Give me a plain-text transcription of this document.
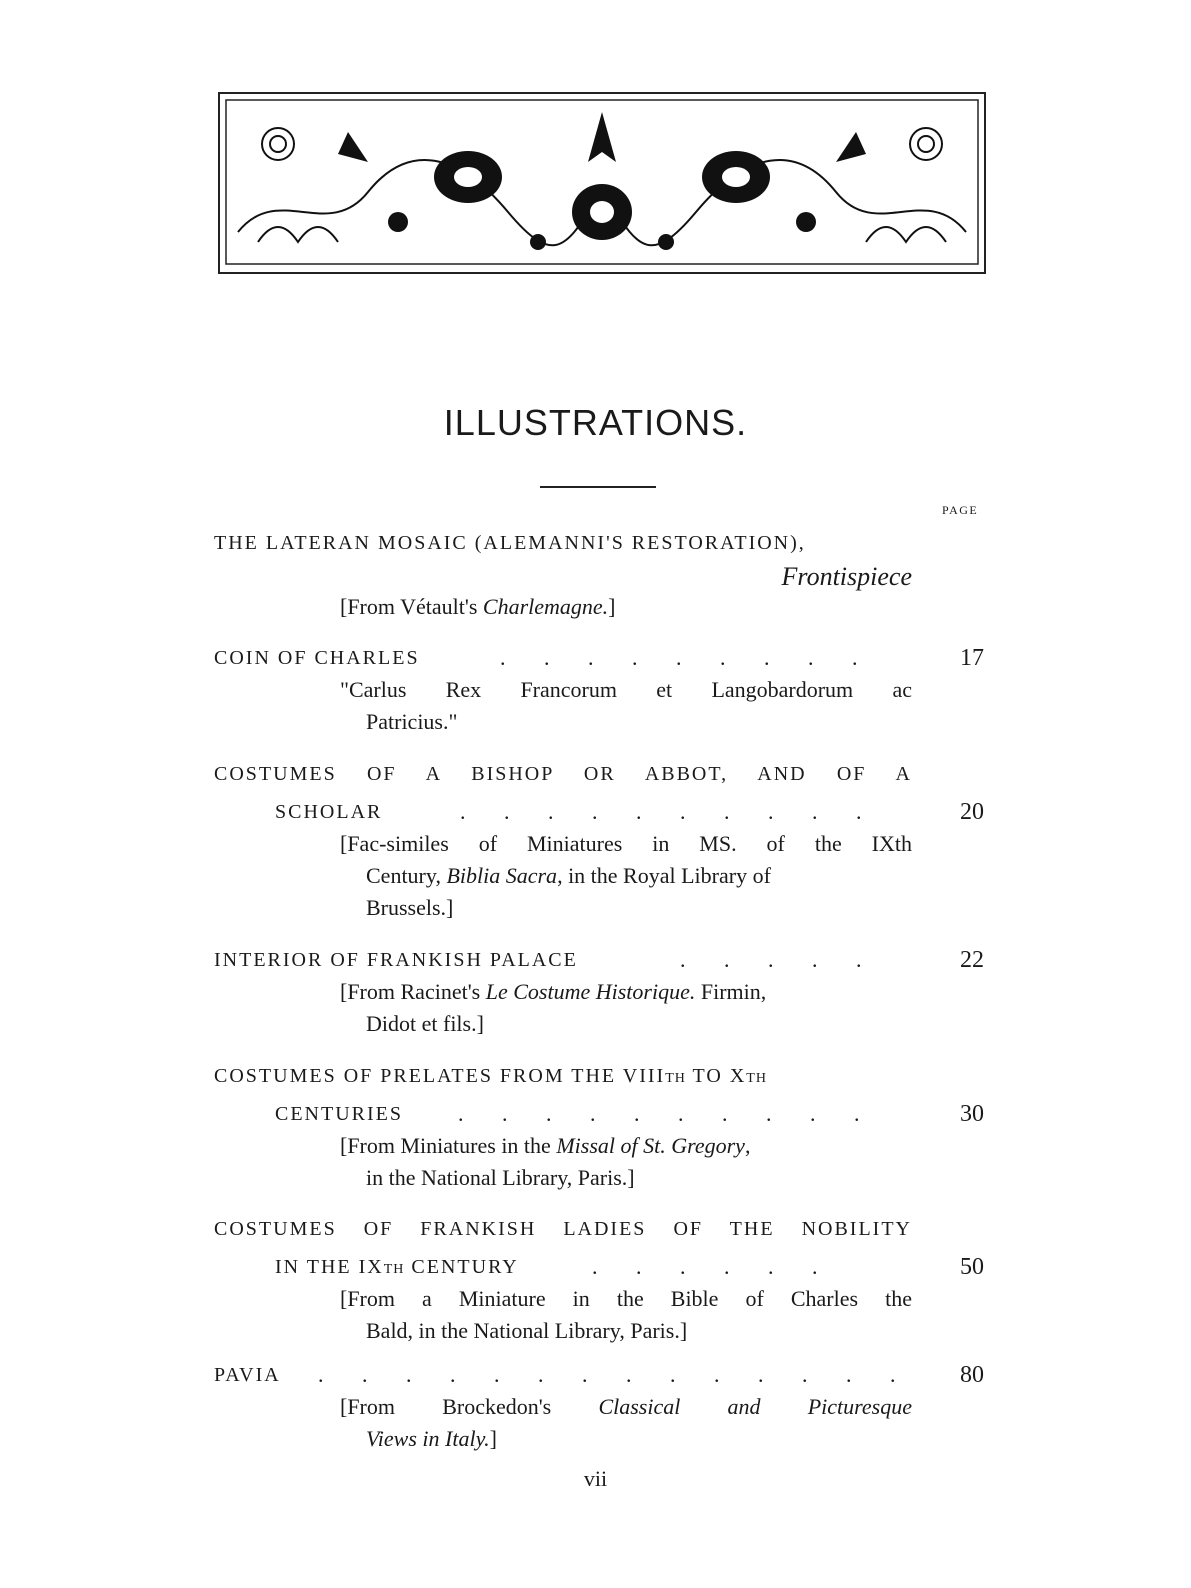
ILLUSTRATIONS.
PAGE
THE LATERAN MOSAIC (ALEMANNI'S RESTORATION),
Frontispiece
[From Vétault's Charlemagne.]
COIN OF CHARLES	.       .       .       .       .       .       .       .       .	17
"Carlus Rex Francorum et Langobardorum ac
Patricius."
COSTUMES OF A BISHOP OR ABBOT, AND OF A
SCHOLAR	.       .       .       .       .       .       .       .       .       .	20
[Fac-similes of Miniatures in MS. of the IXth
Century, Biblia Sacra, in the Royal Library of
Brussels.]
INTERIOR OF FRANKISH PALACE	.       .       .       .       .	22
[From Racinet's Le Costume Historique. Firmin,
Didot et fils.]
COSTUMES OF PRELATES FROM THE VIIITH TO XTH
CENTURIES	.       .       .       .       .       .       .       .       .       .	30
[From Miniatures in the Missal of St. Gregory,
in the National Library, Paris.]
COSTUMES OF FRANKISH LADIES OF THE NOBILITY
IN THE IXTH CENTURY	.       .       .       .       .       .	50
[From a Miniature in the Bible of Charles the
Bald, in the National Library, Paris.]
PAVIA .       .       .       .       .       .       .       .       .       .       .       .       .       .	80
[From Brockedon's Classical and Picturesque
Views in Italy.]
vii
